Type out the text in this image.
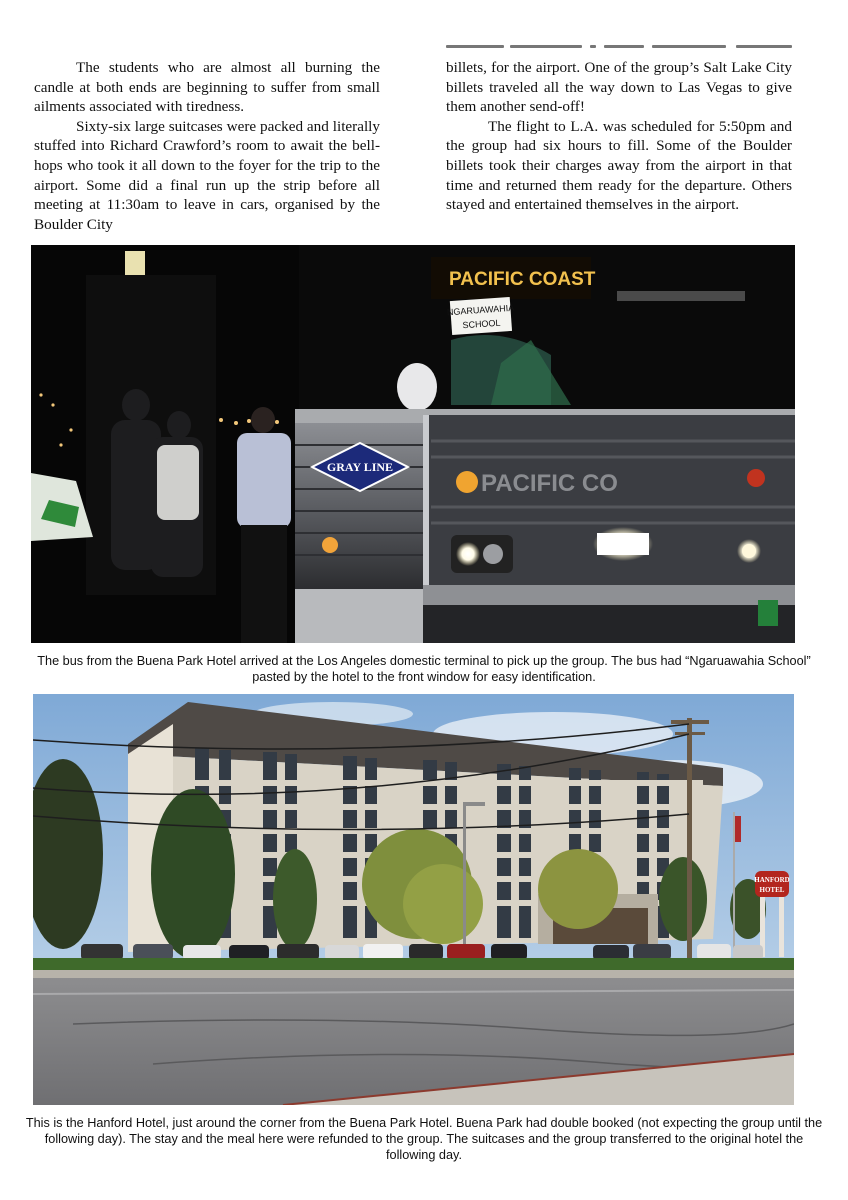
The students who are almost all burning the candle at both ends are beginning to suffer from small ailments associated with tiredness.

Sixty-six large suitcases were packed and literally stuffed into Richard Crawford’s room to await the bell-hops who took it all down to the foyer for the trip to the airport. Some did a final run up the strip before all meeting at 11:30am to leave in cars, organised by the Boulder City

billets, for the airport. One of the group’s Salt Lake City billets traveled all the way down to Las Vegas to give them another send-off!

The flight to L.A. was scheduled for 5:50pm and the group had six hours to fill. Some of the Boulder billets took their charges away from the airport in that time and returned them ready for the departure. Others stayed and entertained themselves in the airport.

PACIFIC COAST
NGARUAWAHIA
SCHOOL
GRAY LINE
PACIFIC CO
The bus from the Buena Park Hotel arrived at the Los Angeles domestic terminal to pick up the group. The bus had “Ngaruawahia School” pasted by the hotel to the front window for easy identification.
HANFORD
HOTEL
This is the Hanford Hotel, just around the corner from the Buena Park Hotel. Buena Park had double booked (not expecting the group until the following day). The stay and the meal here were refunded to the group. The suitcases and the group transferred to the original hotel the following day.
